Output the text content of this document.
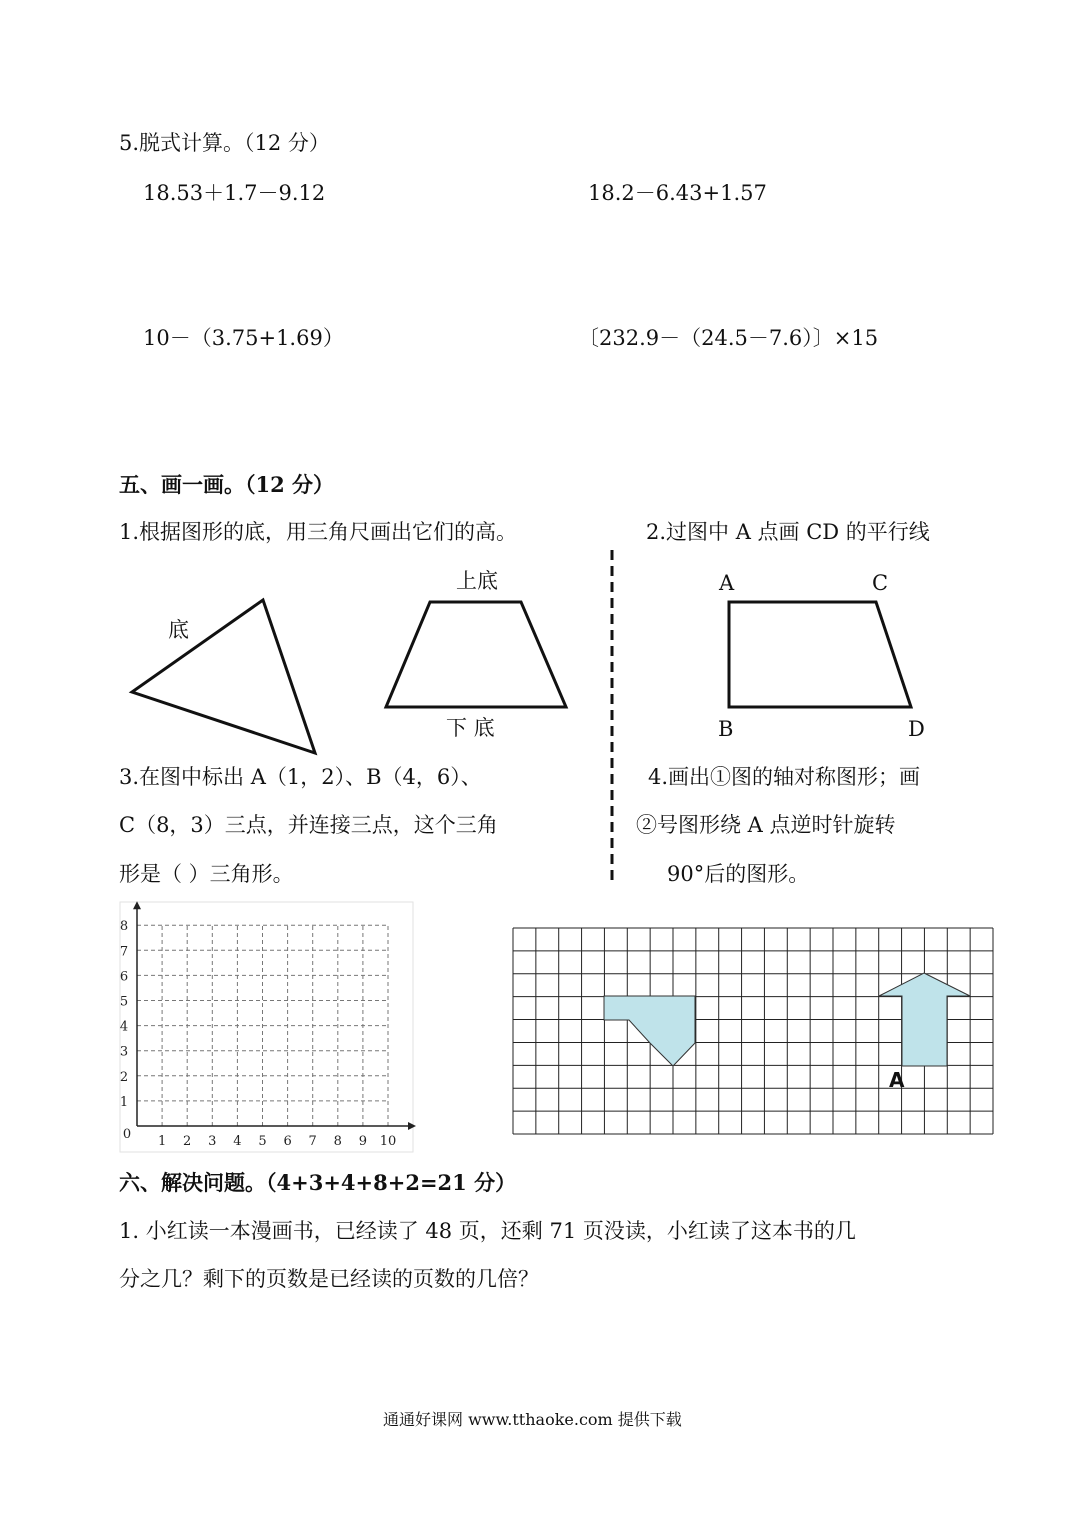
5.脱式计算。（12 分）
18.53＋1.7－9.12	18.2－6.43+1.57
10－（3.75+1.69）	〔232.9－（24.5－7.6）〕×15
五、画一画。（12 分）
1.根据图形的底，用三角尺画出它们的高。	2.过图中 A 点画 CD 的平行线
底
上底
下 底
A	C
B	D
3.在图中标出 A（1，2）、B（4，6）、
C（8，3）三点，并连接三点，这个三角
形是（ ）三角形。
4.画出①图的轴对称图形；画
②号图形绕 A 点逆时针旋转
90°后的图形。
0 1 2 3 4 5 6 7 8 9 10
1
2
3
4
5
6
7
8
A
六、解决问题。（4+3+4+8+2=21 分）
1. 小红读一本漫画书，已经读了 48 页，还剩 71 页没读，小红读了这本书的几
分之几？剩下的页数是已经读的页数的几倍？
通通好课网 www.tthaoke.com 提供下载
